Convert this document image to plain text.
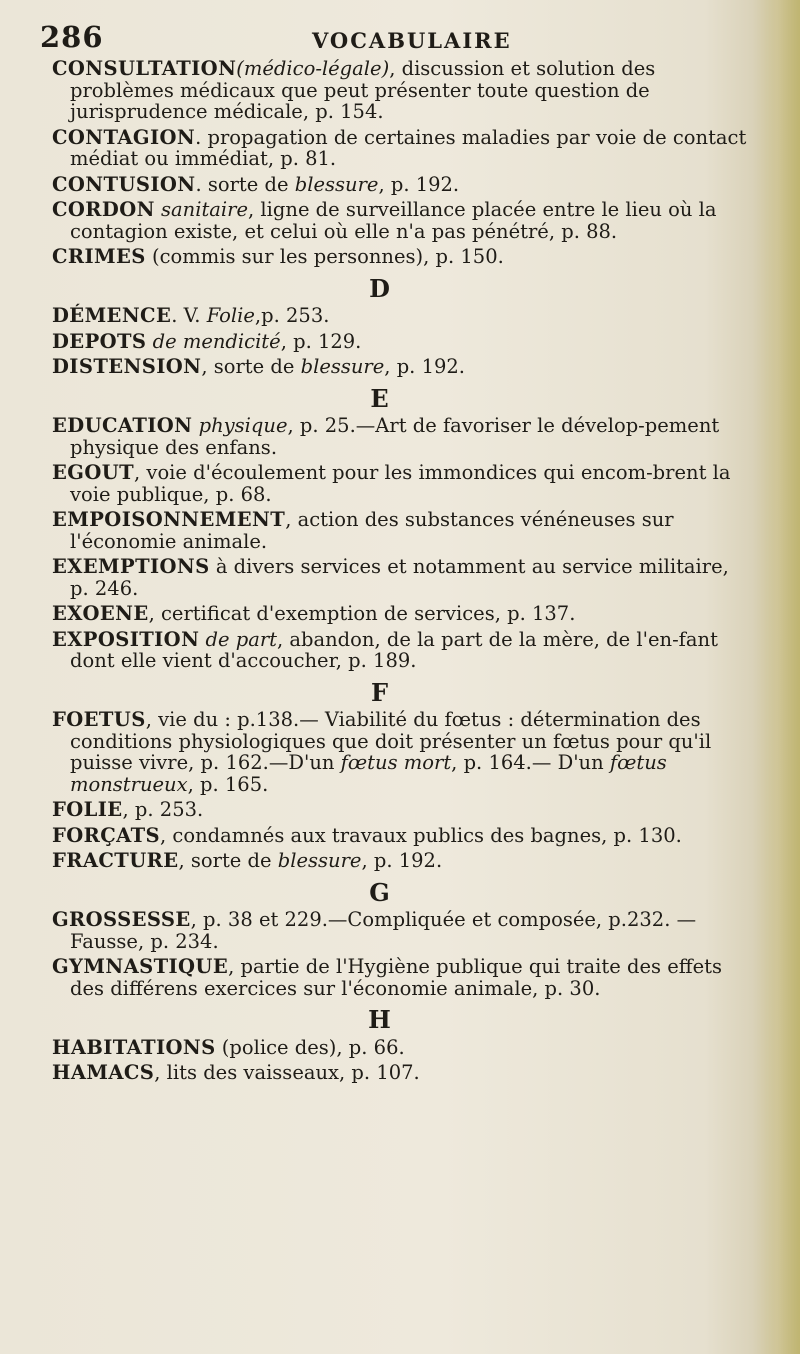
286	VOCABULAIRE
CONSULTATION(médico-légale), discussion et solution des problèmes médicaux que peut présenter toute question de jurisprudence médicale, p. 154.
CONTAGION. propagation de certaines maladies par voie de contact médiat ou immédiat, p. 81.
CONTUSION. sorte de blessure, p. 192.
CORDON sanitaire, ligne de surveillance placée entre le lieu où la contagion existe, et celui où elle n'a pas pénétré, p. 88.
CRIMES (commis sur les personnes), p. 150.
D
DÉMENCE. V. Folie,p. 253.
DEPOTS de mendicité, p. 129.
DISTENSION, sorte de blessure, p. 192.
E
EDUCATION physique, p. 25.—Art de favoriser le dévelop-pement physique des enfans.
EGOUT, voie d'écoulement pour les immondices qui encom-brent la voie publique, p. 68.
EMPOISONNEMENT, action des substances vénéneuses sur l'économie animale.
EXEMPTIONS à divers services et notamment au service militaire, p. 246.
EXOENE, certificat d'exemption de services, p. 137.
EXPOSITION de part, abandon, de la part de la mère, de l'en-fant dont elle vient d'accoucher, p. 189.
F
FOETUS, vie du : p.138.— Viabilité du fœtus : détermination des conditions physiologiques que doit présenter un fœtus pour qu'il puisse vivre, p. 162.—D'un fœtus mort, p. 164.— D'un fœtus monstrueux, p. 165.
FOLIE, p. 253.
FORÇATS, condamnés aux travaux publics des bagnes, p. 130.
FRACTURE, sorte de blessure, p. 192.
G
GROSSESSE, p. 38 et 229.—Compliquée et composée, p.232. —Fausse, p. 234.
GYMNASTIQUE, partie de l'Hygiène publique qui traite des effets des différens exercices sur l'économie animale, p. 30.
H
HABITATIONS (police des), p. 66.
HAMACS, lits des vaisseaux, p. 107.
